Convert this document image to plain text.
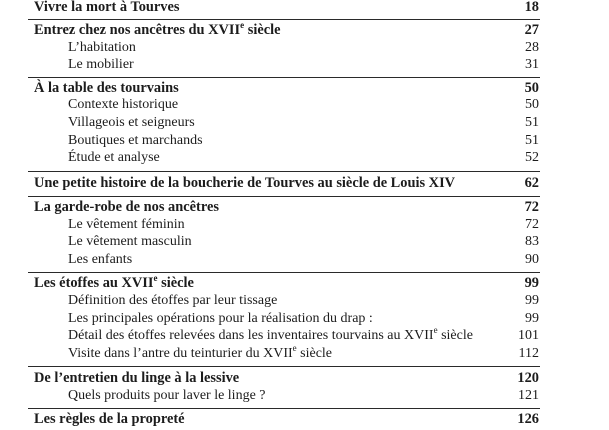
Vivre la mort à Tourves	18
Entrez chez nos ancêtres du XVIIe siècle	27
L’habitation	28
Le mobilier	31
À la table des tourvains	50
Contexte historique	50
Villageois et seigneurs	51
Boutiques et marchands	51
Étude et analyse	52
Une petite histoire de la boucherie de Tourves au siècle de Louis XIV	62
La garde-robe de nos ancêtres	72
Le vêtement féminin	72
Le vêtement masculin	83
Les enfants	90
Les étoffes au XVIIe siècle	99
Définition des étoffes par leur tissage	99
Les principales opérations pour la réalisation du drap :	99
Détail des étoffes relevées dans les inventaires tourvains au XVIIe siècle	101
Visite dans l’antre du teinturier du XVIIe siècle	112
De l’entretien du linge à la lessive	120
Quels produits pour laver le linge ?	121
Les règles de la propreté	126
